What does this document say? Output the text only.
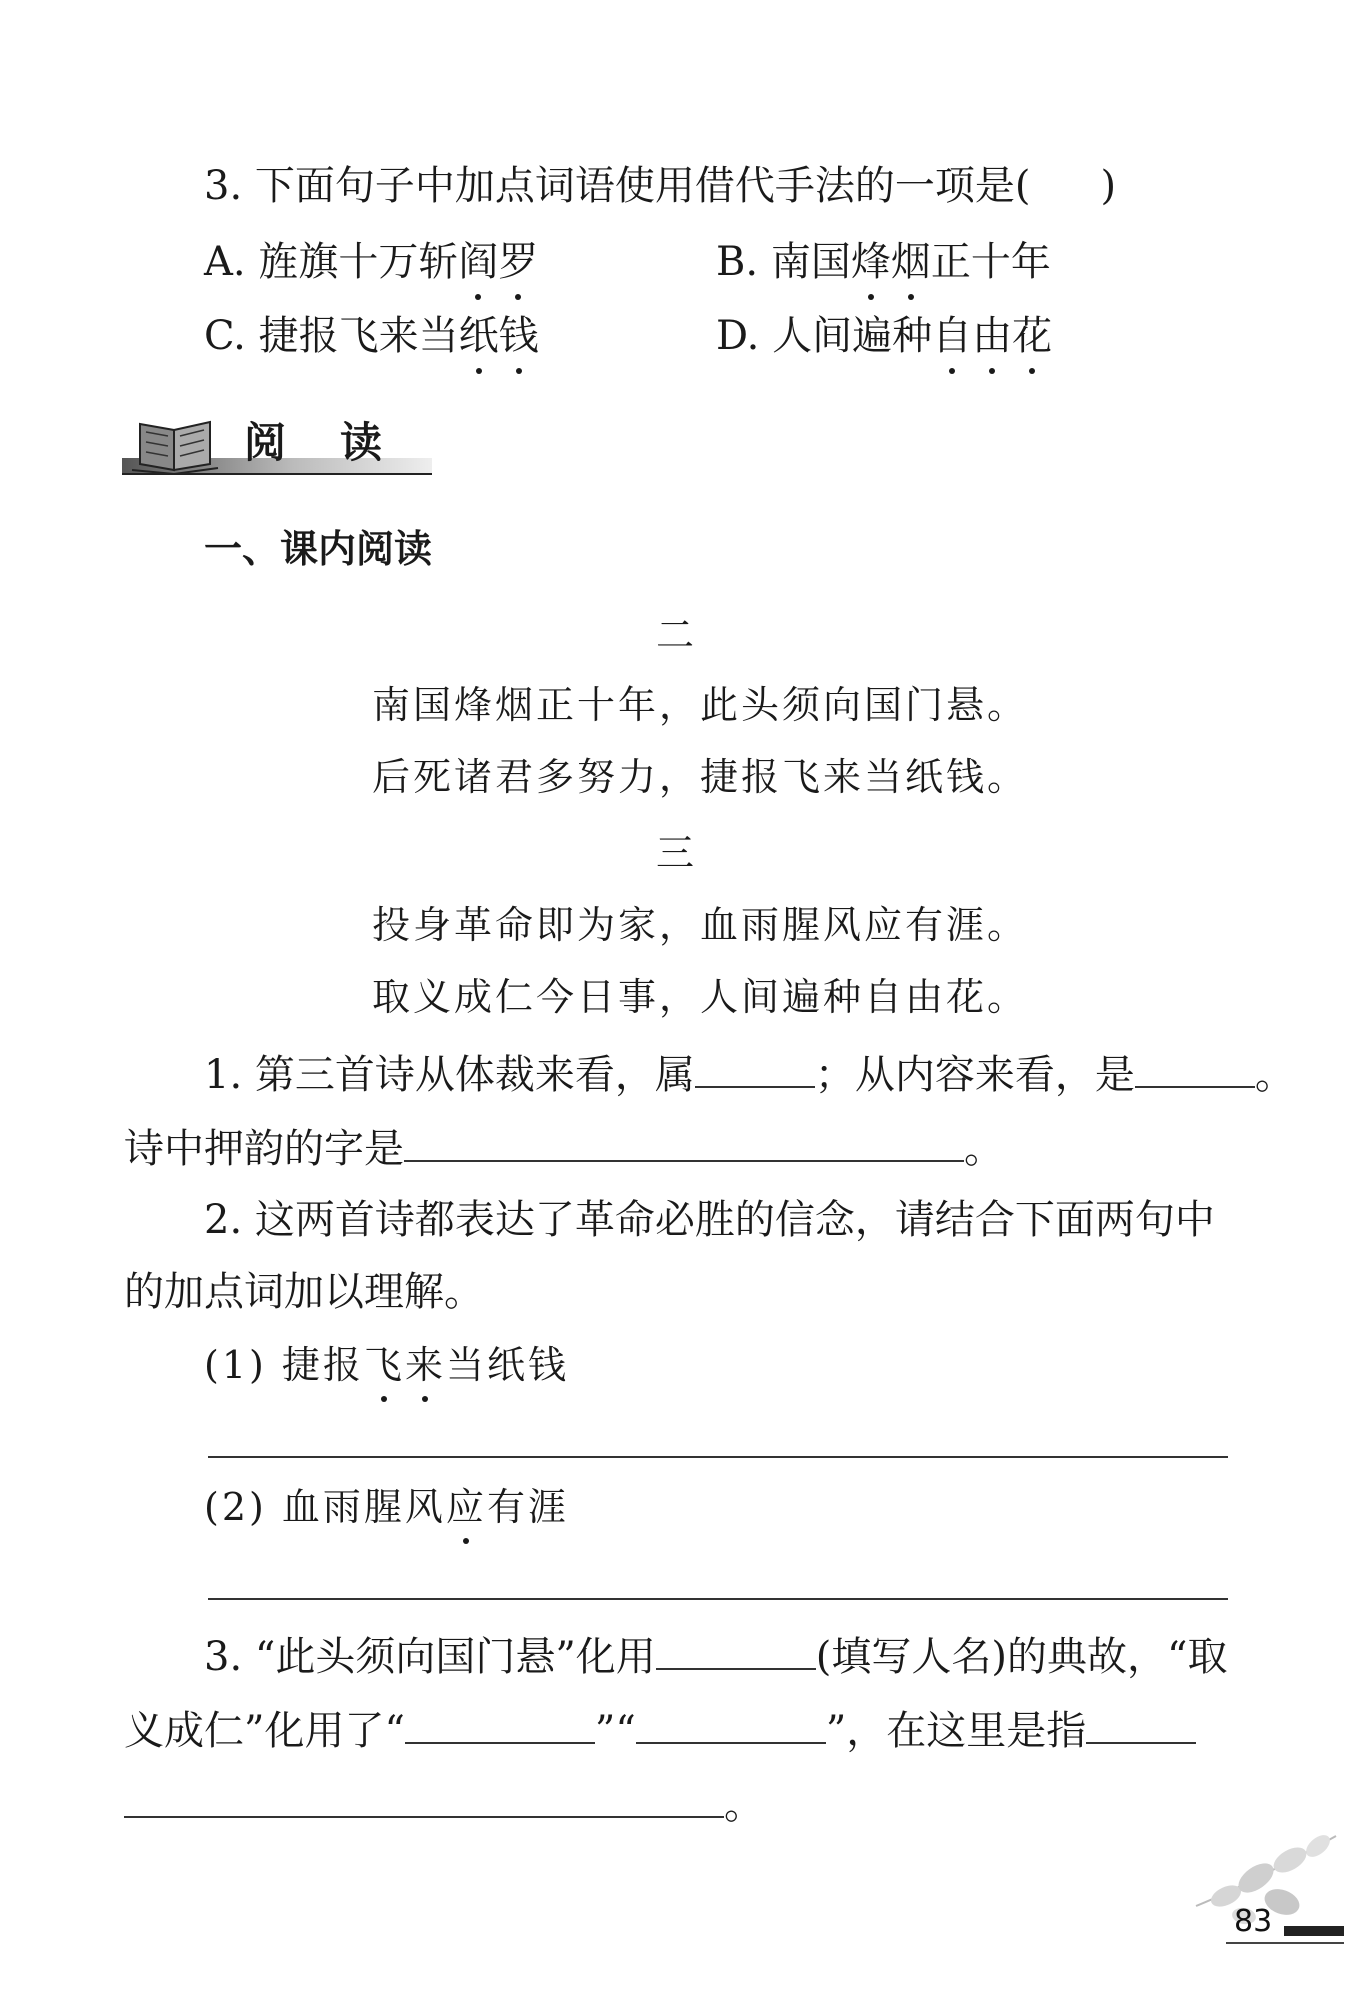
3. 下面句子中加点词语使用借代手法的一项是( )
A. 旌旗十万斩阎罗	B. 南国烽烟正十年
C. 捷报飞来当纸钱	D. 人间遍种自由花
阅　读
一、课内阅读
二
南国烽烟正十年，此头须向国门悬。
后死诸君多努力，捷报飞来当纸钱。
三
投身革命即为家，血雨腥风应有涯。
取义成仁今日事，人间遍种自由花。
1. 第三首诗从体裁来看，属	；从内容来看，是	。
诗中押韵的字是	。
2. 这两首诗都表达了革命必胜的信念，请结合下面两句中
的加点词加以理解。
(1) 捷报飞来当纸钱
(2) 血雨腥风应有涯
3. “此头须向国门悬”化用	(填写人名)的典故，“取
义成仁”化用了“	”“	”，在这里是指
。
83
